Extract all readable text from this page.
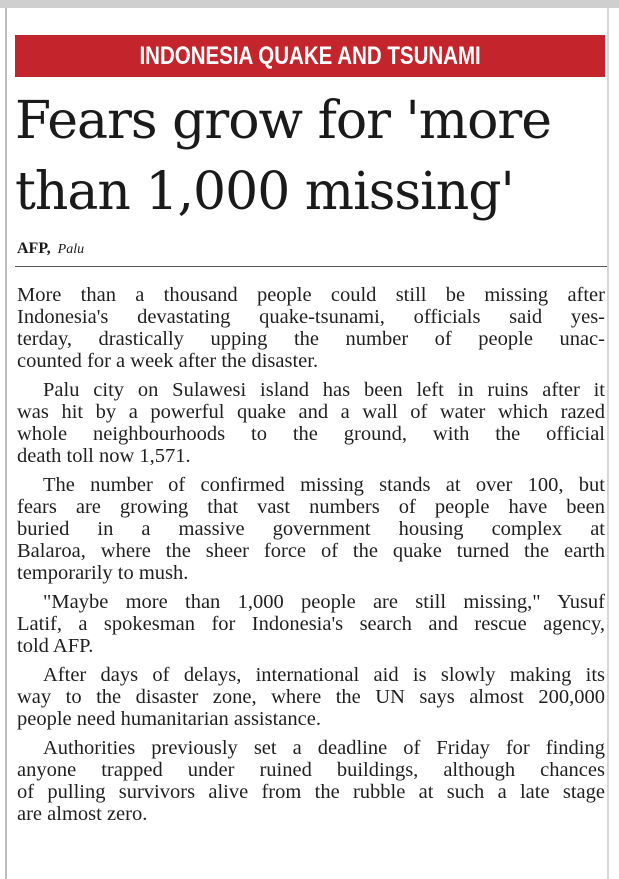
INDONESIA QUAKE AND TSUNAMI
Fears grow for 'more
than 1,000 missing'
AFP, Palu

More than a thousand people could still be missing after
Indonesia's devastating quake-tsunami, officials said yes-
terday, drastically upping the number of people unac-
counted for a week after the disaster.

Palu city on Sulawesi island has been left in ruins after it
was hit by a powerful quake and a wall of water which razed
whole neighbourhoods to the ground, with the official
death toll now 1,571.

The number of confirmed missing stands at over 100, but
fears are growing that vast numbers of people have been
buried in a massive government housing complex at
Balaroa, where the sheer force of the quake turned the earth
temporarily to mush.

"Maybe more than 1,000 people are still missing," Yusuf
Latif, a spokesman for Indonesia's search and rescue agency,
told AFP.

After days of delays, international aid is slowly making its
way to the disaster zone, where the UN says almost 200,000
people need humanitarian assistance.

Authorities previously set a deadline of Friday for finding
anyone trapped under ruined buildings, although chances
of pulling survivors alive from the rubble at such a late stage
are almost zero.
